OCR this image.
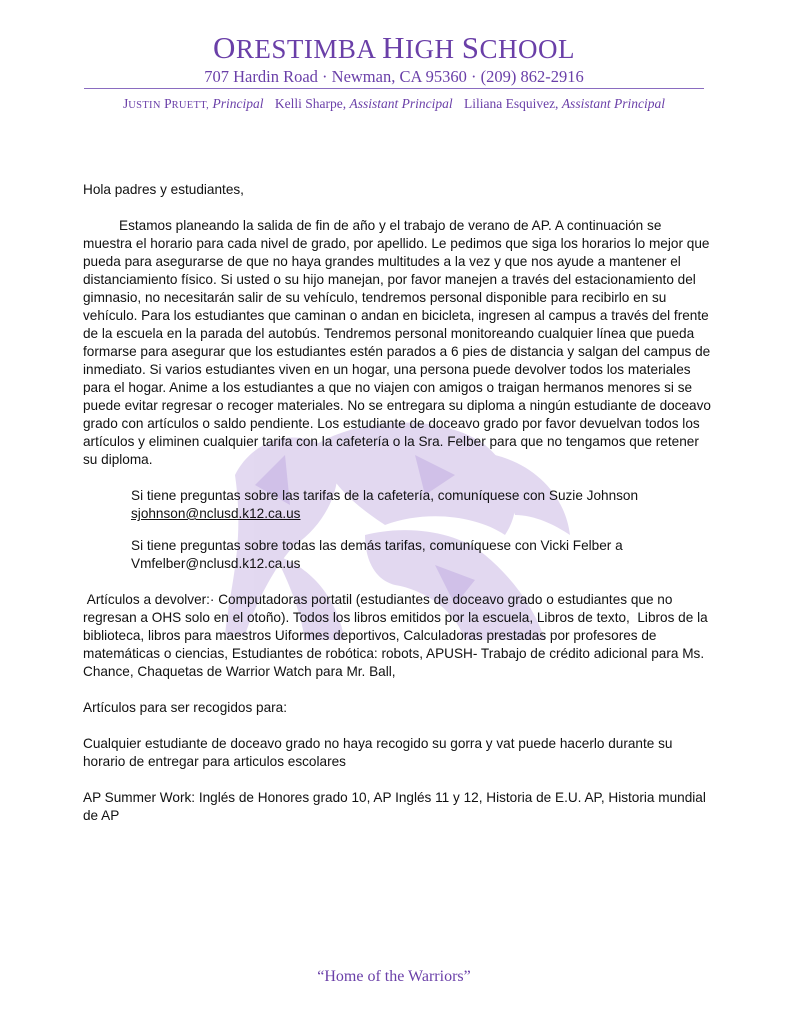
ORESTIMBA HIGH SCHOOL
707 Hardin Road · Newman, CA 95360 · (209) 862-2916
JUSTIN PRUETT, Principal Kelli Sharpe, Assistant Principal Liliana Esquivez, Assistant Principal

Hola padres y estudiantes,

Estamos planeando la salida de fin de año y el trabajo de verano de AP. A continuación se muestra el horario para cada nivel de grado, por apellido. Le pedimos que siga los horarios lo mejor que pueda para asegurarse de que no haya grandes multitudes a la vez y que nos ayude a mantener el distanciamiento físico. Si usted o su hijo manejan, por favor manejen a través del estacionamiento del gimnasio, no necesitarán salir de su vehículo, tendremos personal disponible para recibirlo en su vehículo. Para los estudiantes que caminan o andan en bicicleta, ingresen al campus a través del frente de la escuela en la parada del autobús. Tendremos personal monitoreando cualquier línea que pueda formarse para asegurar que los estudiantes estén parados a 6 pies de distancia y salgan del campus de inmediato. Si varios estudiantes viven en un hogar, una persona puede devolver todos los materiales para el hogar. Anime a los estudiantes a que no viajen con amigos o traigan hermanos menores si se puede evitar regresar o recoger materiales. No se entregara su diploma a ningún estudiante de doceavo grado con artículos o saldo pendiente. Los estudiante de doceavo grado por favor devuelvan todos los artículos y eliminen cualquier tarifa con la cafetería o la Sra. Felber para que no tengamos que retener su diploma.

Si tiene preguntas sobre las tarifas de la cafetería, comuníquese con Suzie Johnson

sjohnson@nclusd.k12.ca.us

Si tiene preguntas sobre todas las demás tarifas, comuníquese con Vicki Felber a

Vmfelber@nclusd.k12.ca.us

Artículos a devolver:· Computadoras portatil (estudiantes de doceavo grado o estudiantes que no regresan a OHS solo en el otoño). Todos los libros emitidos por la escuela, Libros de texto,  Libros de la biblioteca, libros para maestros Uiformes deportivos, Calculadoras prestadas por profesores de matemáticas o ciencias, Estudiantes de robótica: robots, APUSH- Trabajo de crédito adicional para Ms. Chance, Chaquetas de Warrior Watch para Mr. Ball,

Artículos para ser recogidos para:

Cualquier estudiante de doceavo grado no haya recogido su gorra y vat puede hacerlo durante su horario de entregar para articulos escolares

AP Summer Work: Inglés de Honores grado 10, AP Inglés 11 y 12, Historia de E.U. AP, Historia mundial de AP

“Home of the Warriors”
